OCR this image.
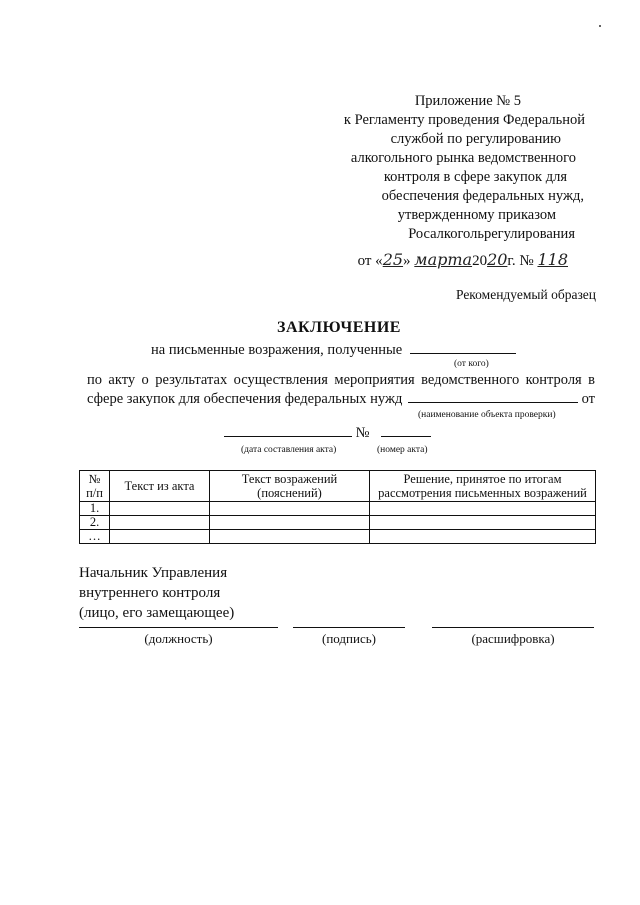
Приложение № 5
к Регламенту проведения Федеральной
службой по регулированию
алкогольного рынка ведомственного
контроля в сфере закупок для
обеспечения федеральных нужд,
утвержденному приказом
Росалкогольрегулирования
от «25» марта2020г. № 118
Рекомендуемый образец
ЗАКЛЮЧЕНИЕ
на письменные возражения, полученные
(от кого)
по акту о результатах осуществления мероприятия ведомственного контроля в
сфере закупок для обеспечения федеральных нужд	от
(наименование объекта проверки)
№
(дата составления акта)	(номер акта)
№ п/п	Текст из акта	Текст возражений (пояснений)	Решение, принятое по итогам рассмотрения письменных возражений
1.			
2.			
…			
Начальник Управления
внутреннего контроля
(лицо, его замещающее)
(должность)	(подпись)	(расшифровка)
